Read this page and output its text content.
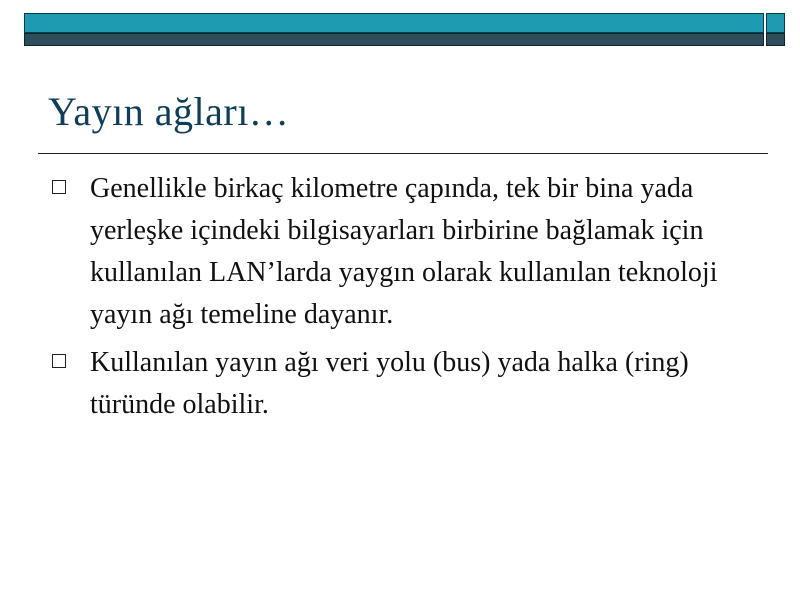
Yayın ağları…
Genellikle birkaç kilometre çapında, tek bir bina yada yerleşke içindeki bilgisayarları birbirine bağlamak için kullanılan LAN’larda yaygın olarak kullanılan teknoloji yayın ağı temeline dayanır.
Kullanılan yayın ağı veri yolu (bus) yada halka (ring) türünde olabilir.
